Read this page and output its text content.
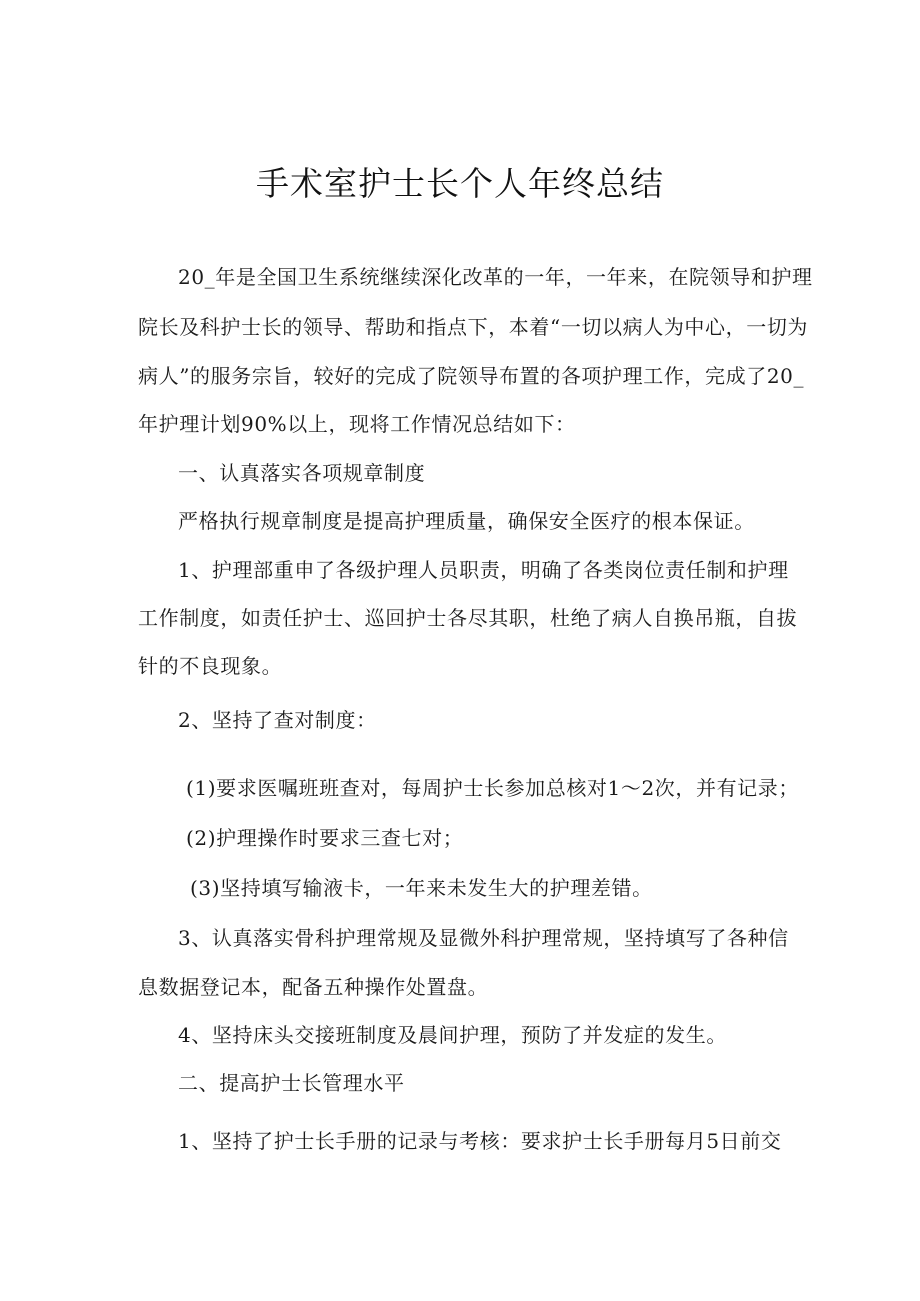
手术室护士长个人年终总结

20_年是全国卫生系统继续深化改革的一年，一年来，在院领导和护理

院长及科护士长的领导、帮助和指点下，本着“一切以病人为中心，一切为

病人”的服务宗旨，较好的完成了院领导布置的各项护理工作，完成了20_

年护理计划90%以上，现将工作情况总结如下：

一、认真落实各项规章制度

严格执行规章制度是提高护理质量，确保安全医疗的根本保证。

1、护理部重申了各级护理人员职责，明确了各类岗位责任制和护理

工作制度，如责任护士、巡回护士各尽其职，杜绝了病人自换吊瓶，自拔

针的不良现象。

2、坚持了查对制度：

(1)要求医嘱班班查对，每周护士长参加总核对1～2次，并有记录；

(2)护理操作时要求三查七对；

(3)坚持填写输液卡，一年来未发生大的护理差错。

3、认真落实骨科护理常规及显微外科护理常规，坚持填写了各种信

息数据登记本，配备五种操作处置盘。

4、坚持床头交接班制度及晨间护理，预防了并发症的发生。

二、提高护士长管理水平

1、坚持了护士长手册的记录与考核：要求护士长手册每月5日前交
